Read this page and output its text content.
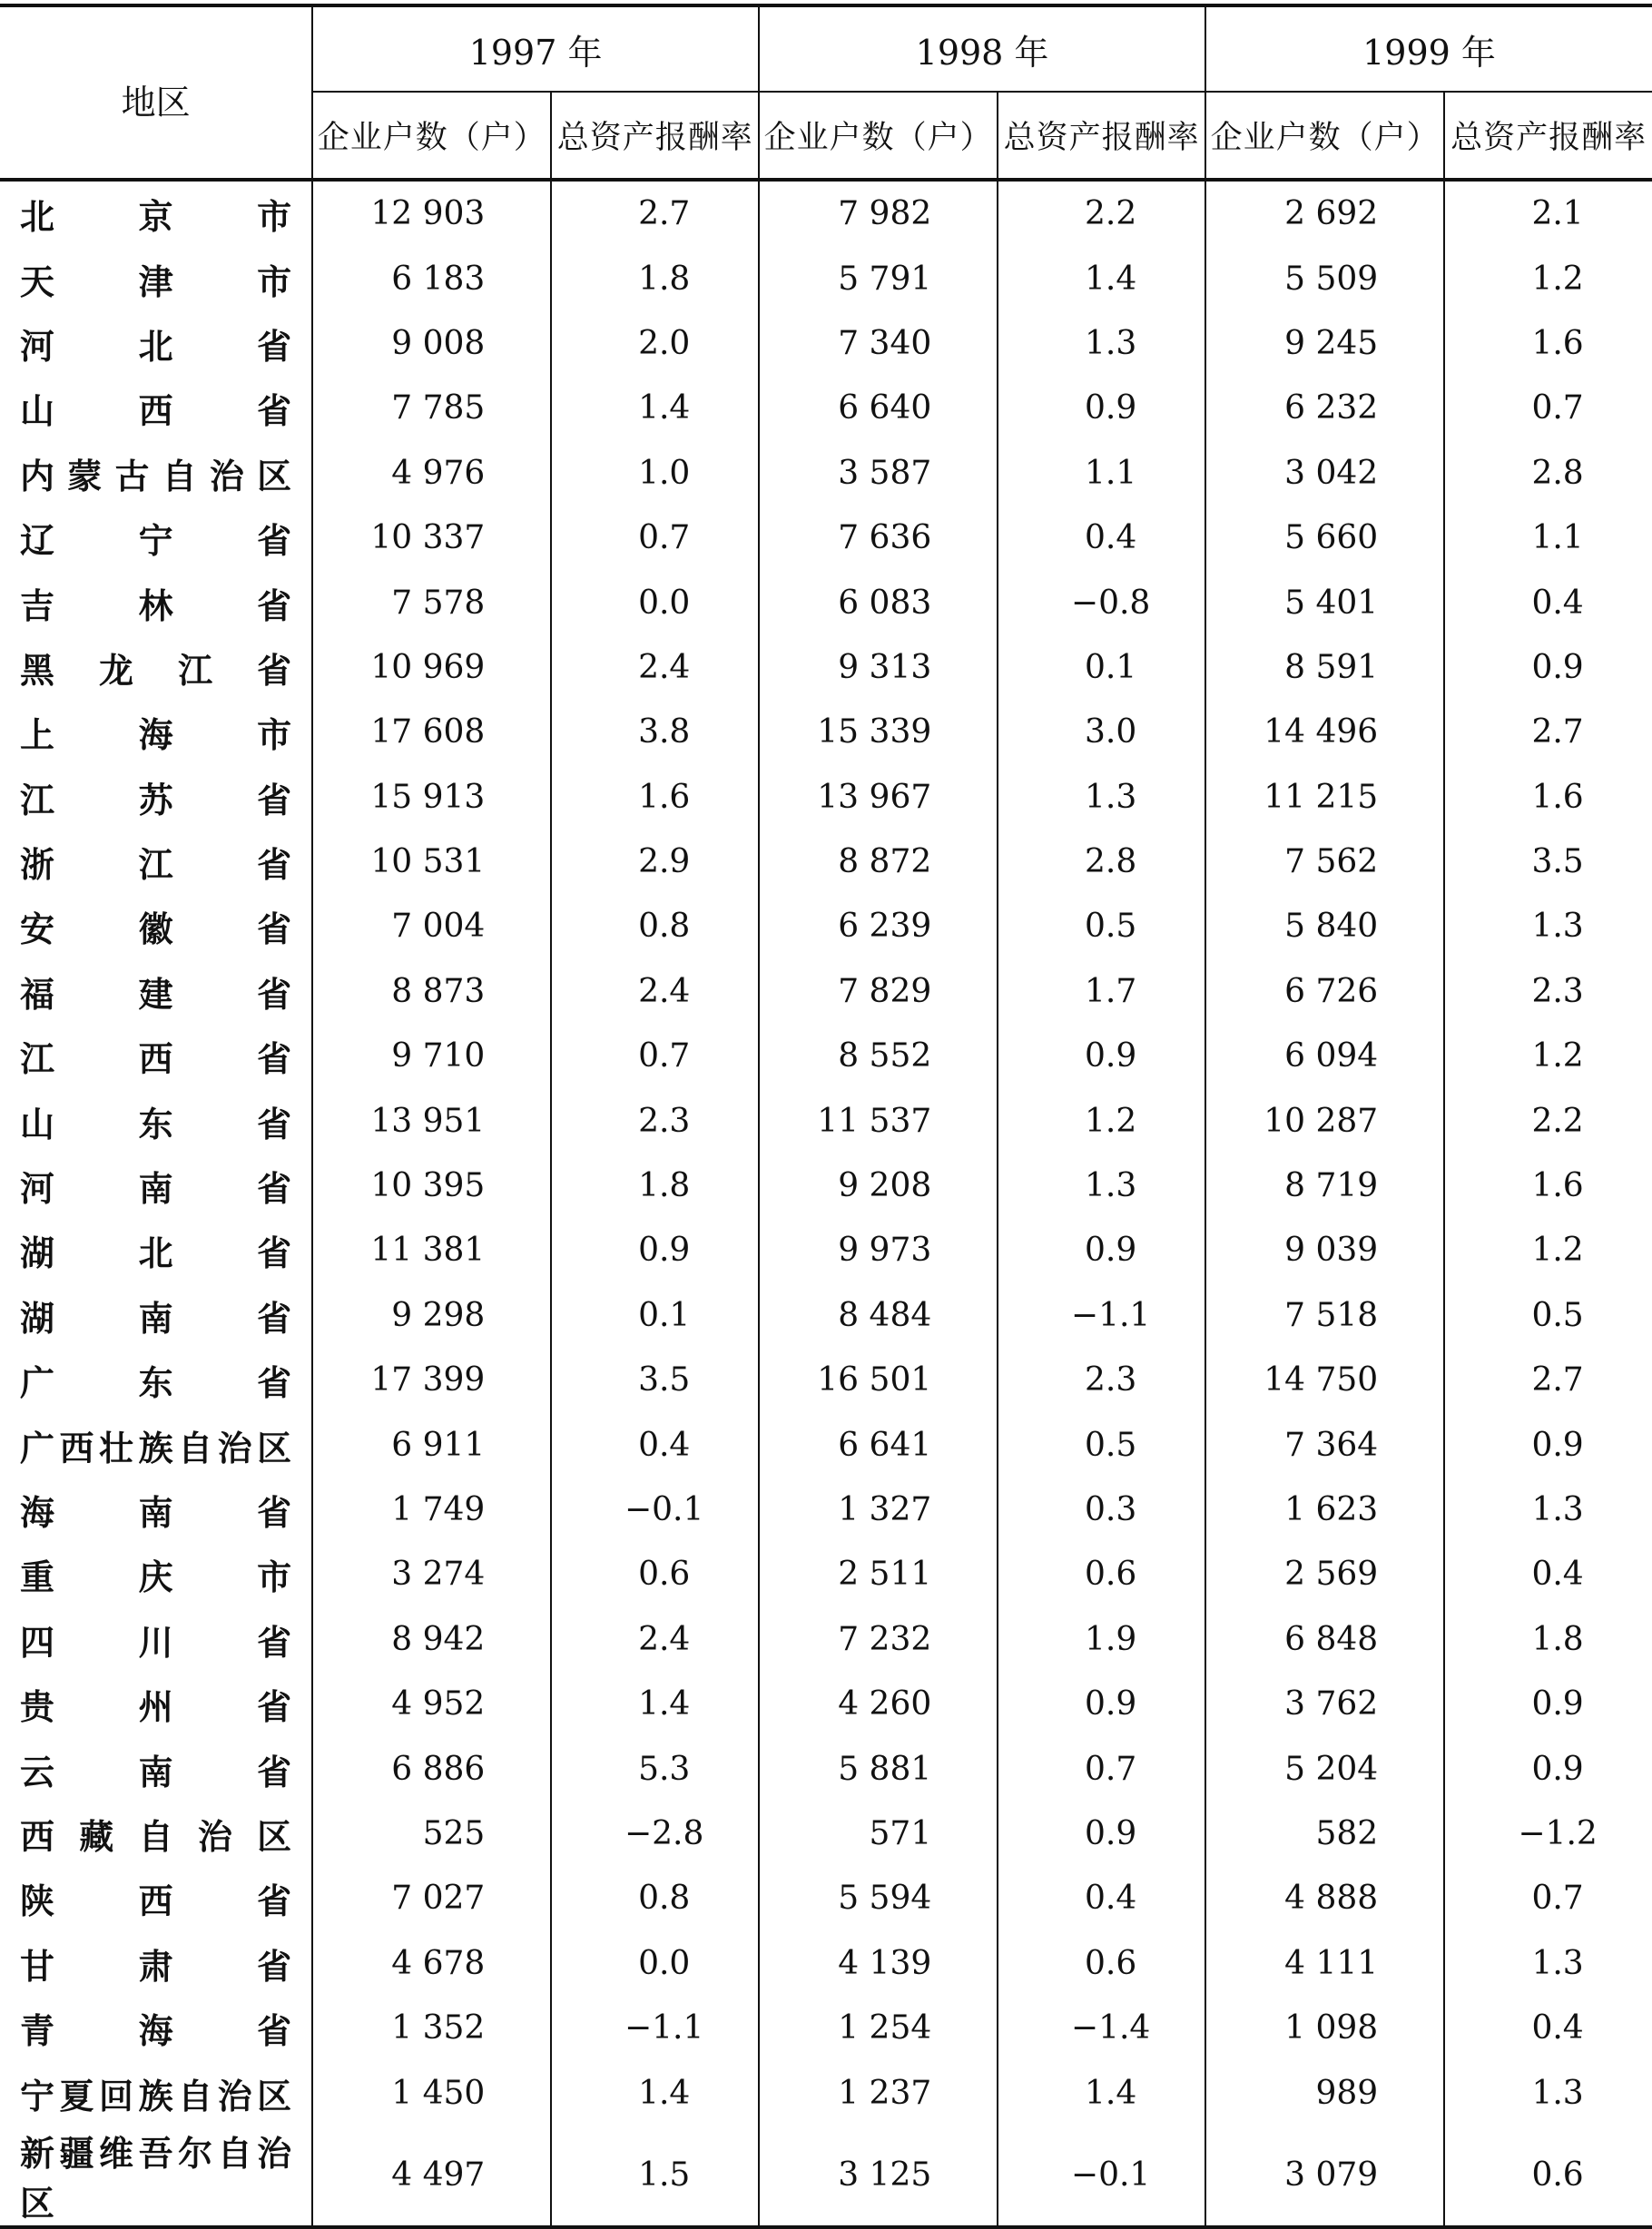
地区	1997 年		1998 年		1999 年	
	企业户数（户）	总资产报酬率	企业户数（户）	总资产报酬率	企业户数（户）	总资产报酬率

北京市	12 903	2.7	7 982	2.2	2 692	2.1

天津市	6 183	1.8	5 791	1.4	5 509	1.2

河北省	9 008	2.0	7 340	1.3	9 245	1.6

山西省	7 785	1.4	6 640	0.9	6 232	0.7

内蒙古自治区	4 976	1.0	3 587	1.1	3 042	2.8

辽宁省	10 337	0.7	7 636	0.4	5 660	1.1

吉林省	7 578	0.0	6 083	−0.8	5 401	0.4

黑龙江省	10 969	2.4	9 313	0.1	8 591	0.9

上海市	17 608	3.8	15 339	3.0	14 496	2.7

江苏省	15 913	1.6	13 967	1.3	11 215	1.6

浙江省	10 531	2.9	8 872	2.8	7 562	3.5

安徽省	7 004	0.8	6 239	0.5	5 840	1.3

福建省	8 873	2.4	7 829	1.7	6 726	2.3

江西省	9 710	0.7	8 552	0.9	6 094	1.2

山东省	13 951	2.3	11 537	1.2	10 287	2.2

河南省	10 395	1.8	9 208	1.3	8 719	1.6

湖北省	11 381	0.9	9 973	0.9	9 039	1.2

湖南省	9 298	0.1	8 484	−1.1	7 518	0.5

广东省	17 399	3.5	16 501	2.3	14 750	2.7

广西壮族自治区	6 911	0.4	6 641	0.5	7 364	0.9

海南省	1 749	−0.1	1 327	0.3	1 623	1.3

重庆市	3 274	0.6	2 511	0.6	2 569	0.4

四川省	8 942	2.4	7 232	1.9	6 848	1.8

贵州省	4 952	1.4	4 260	0.9	3 762	0.9

云南省	6 886	5.3	5 881	0.7	5 204	0.9

西藏自治区	525	−2.8	571	0.9	582	−1.2

陕西省	7 027	0.8	5 594	0.4	4 888	0.7

甘肃省	4 678	0.0	4 139	0.6	4 111	1.3

青海省	1 352	−1.1	1 254	−1.4	1 098	0.4

宁夏回族自治区	1 450	1.4	1 237	1.4	989	1.3

新疆维吾尔自治区	4 497	1.5	3 125	−0.1	3 079	0.6
